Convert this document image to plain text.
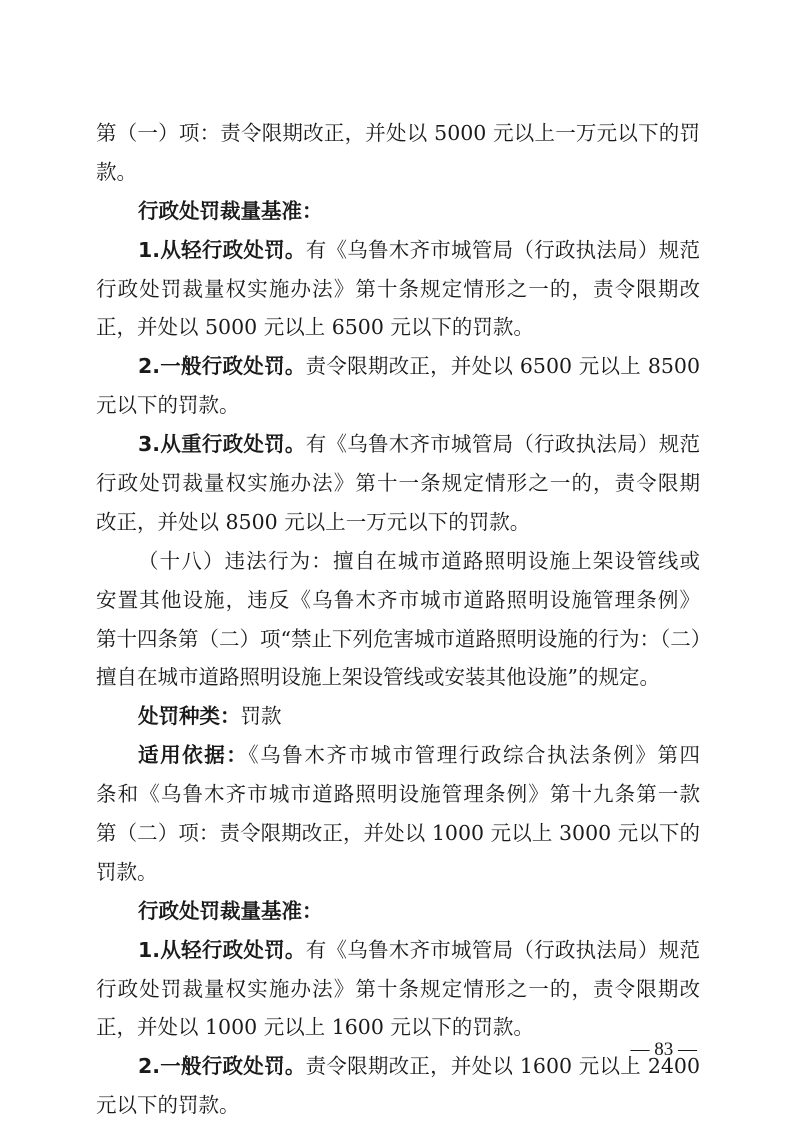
第（一）项：责令限期改正，并处以 5000 元以上一万元以下的罚
款。
行政处罚裁量基准：
1.从轻行政处罚。有《乌鲁木齐市城管局（行政执法局）规范
行政处罚裁量权实施办法》第十条规定情形之一的，责令限期改
正，并处以 5000 元以上 6500 元以下的罚款。
2.一般行政处罚。责令限期改正，并处以 6500 元以上 8500
元以下的罚款。
3.从重行政处罚。有《乌鲁木齐市城管局（行政执法局）规范
行政处罚裁量权实施办法》第十一条规定情形之一的，责令限期
改正，并处以 8500 元以上一万元以下的罚款。
（十八）违法行为：擅自在城市道路照明设施上架设管线或
安置其他设施，违反《乌鲁木齐市城市道路照明设施管理条例》
第十四条第（二）项“禁止下列危害城市道路照明设施的行为：（二）
擅自在城市道路照明设施上架设管线或安装其他设施”的规定。
处罚种类：罚款
适用依据：《乌鲁木齐市城市管理行政综合执法条例》第四
条和《乌鲁木齐市城市道路照明设施管理条例》第十九条第一款
第（二）项：责令限期改正，并处以 1000 元以上 3000 元以下的
罚款。
行政处罚裁量基准：
1.从轻行政处罚。有《乌鲁木齐市城管局（行政执法局）规范
行政处罚裁量权实施办法》第十条规定情形之一的，责令限期改
正，并处以 1000 元以上 1600 元以下的罚款。
2.一般行政处罚。责令限期改正，并处以 1600 元以上 2400
元以下的罚款。
— 83 —
